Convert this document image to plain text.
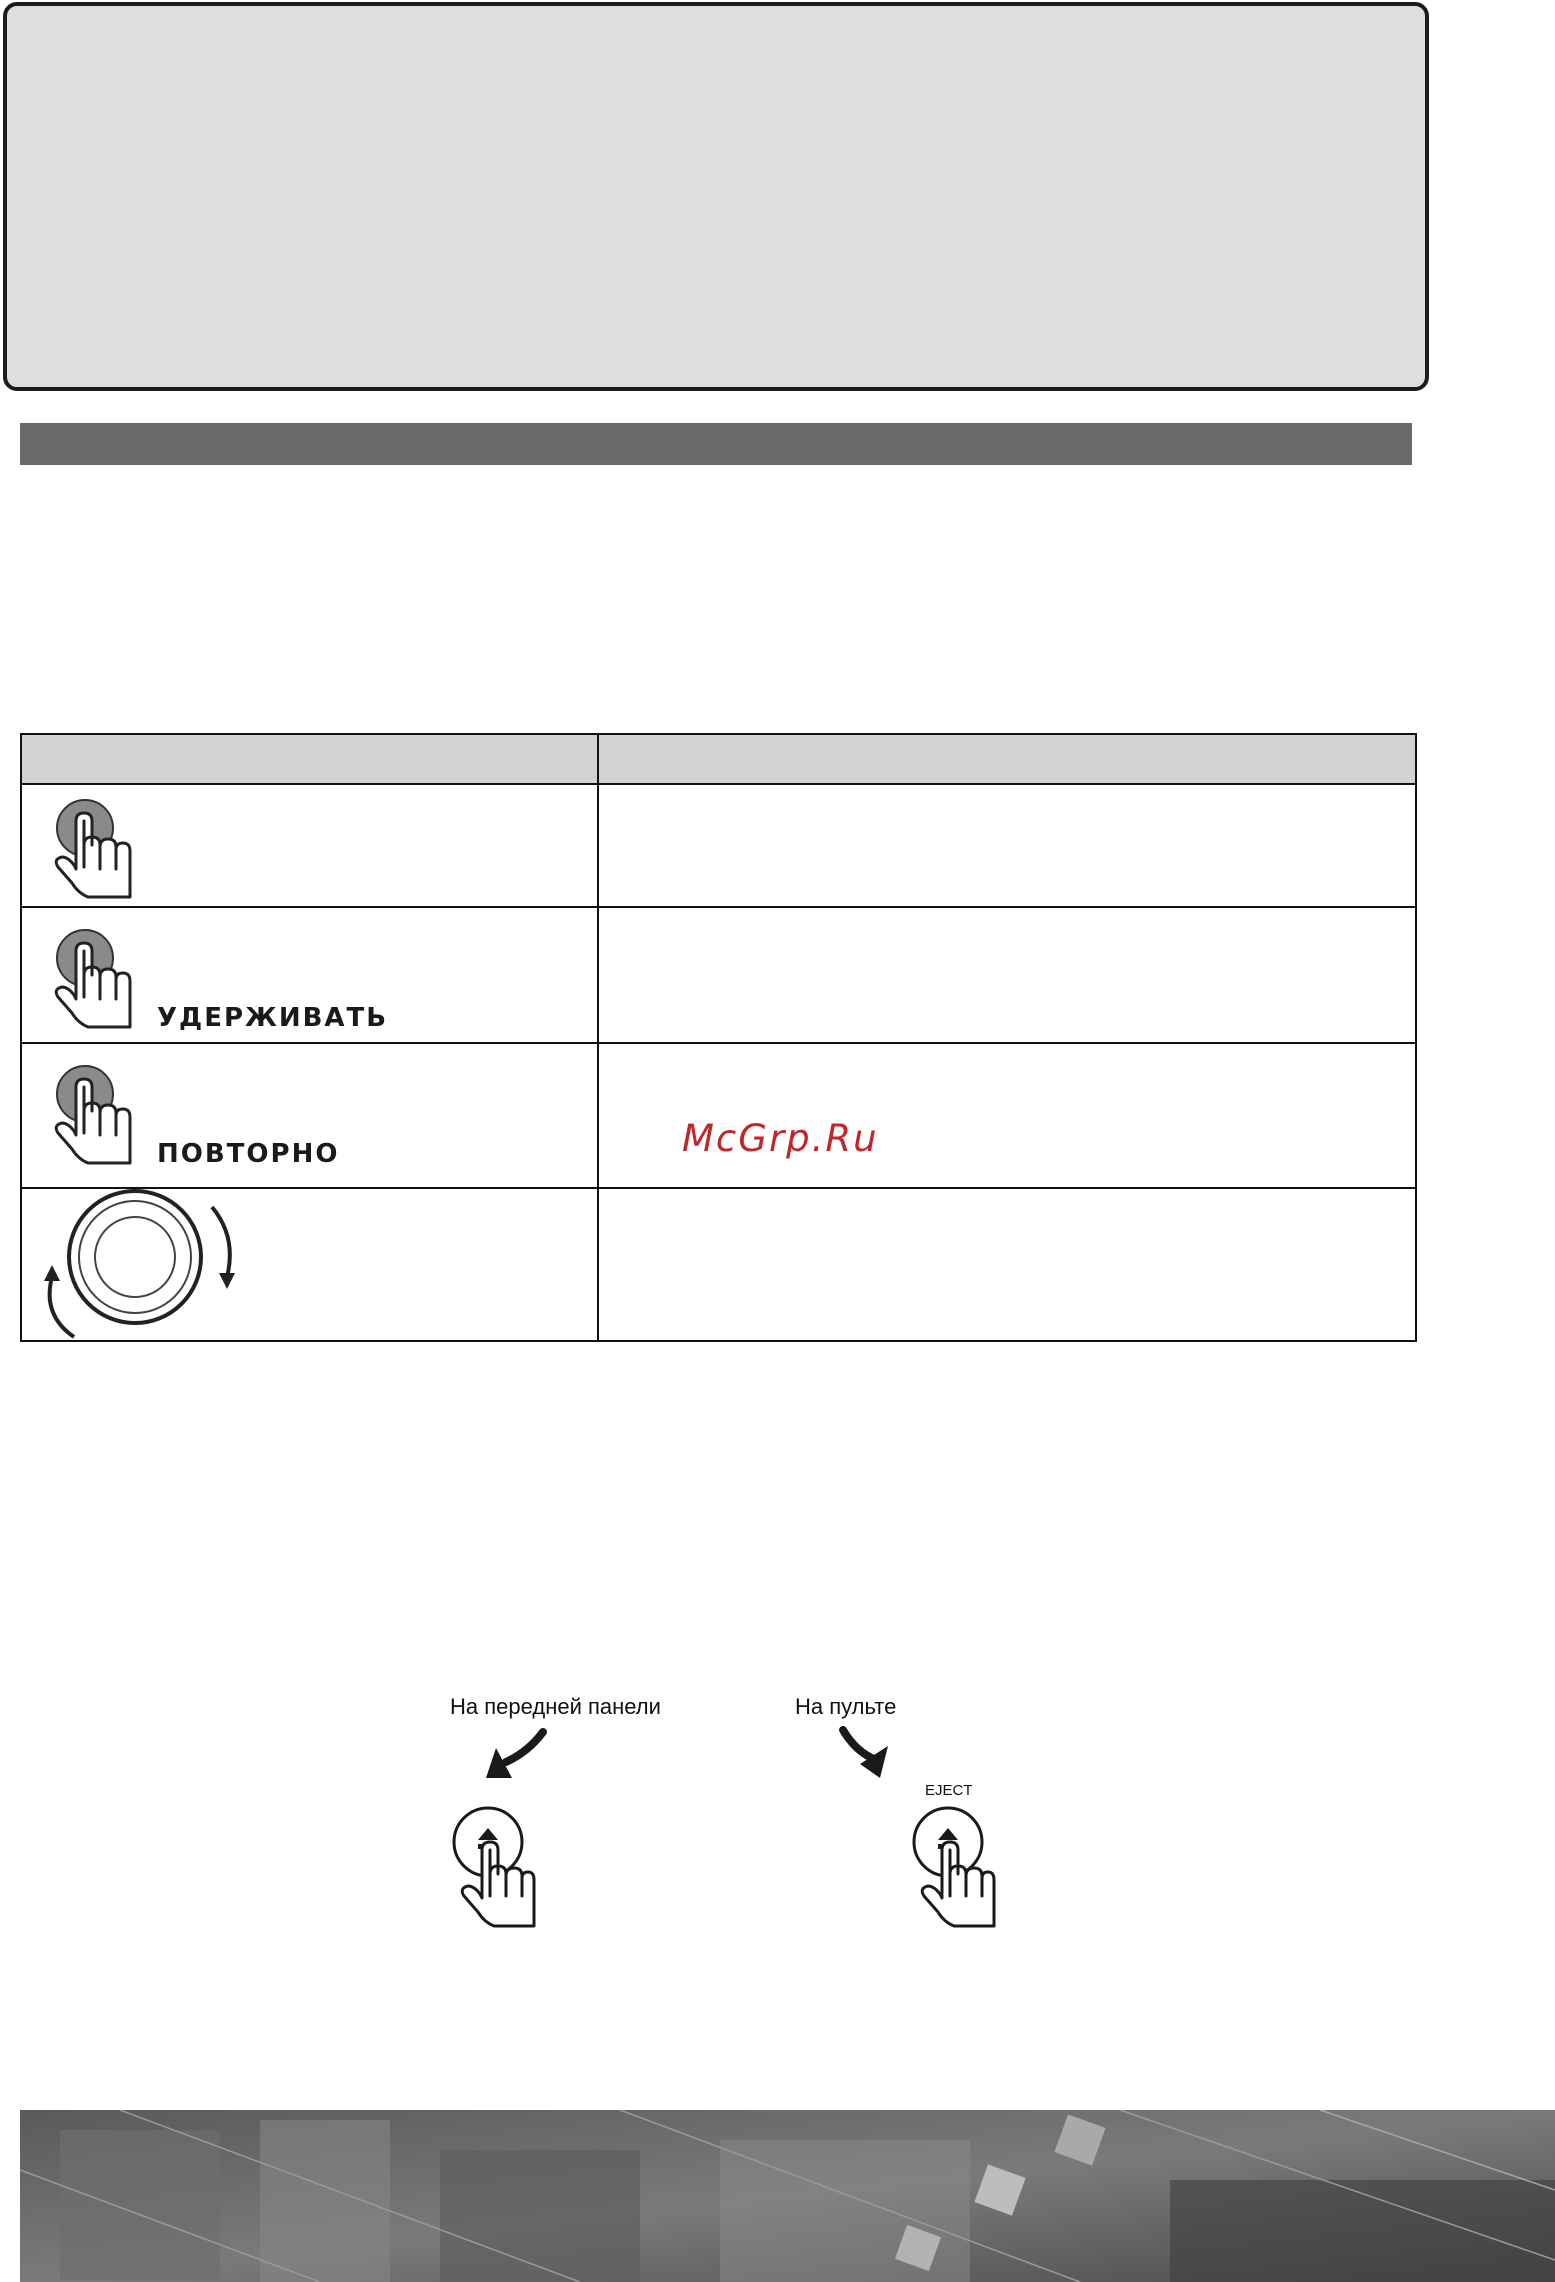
УДЕРЖИВАТЬ
ПОВТОРНО	McGrp.Ru
На передней панели	На пульте
EJECT
